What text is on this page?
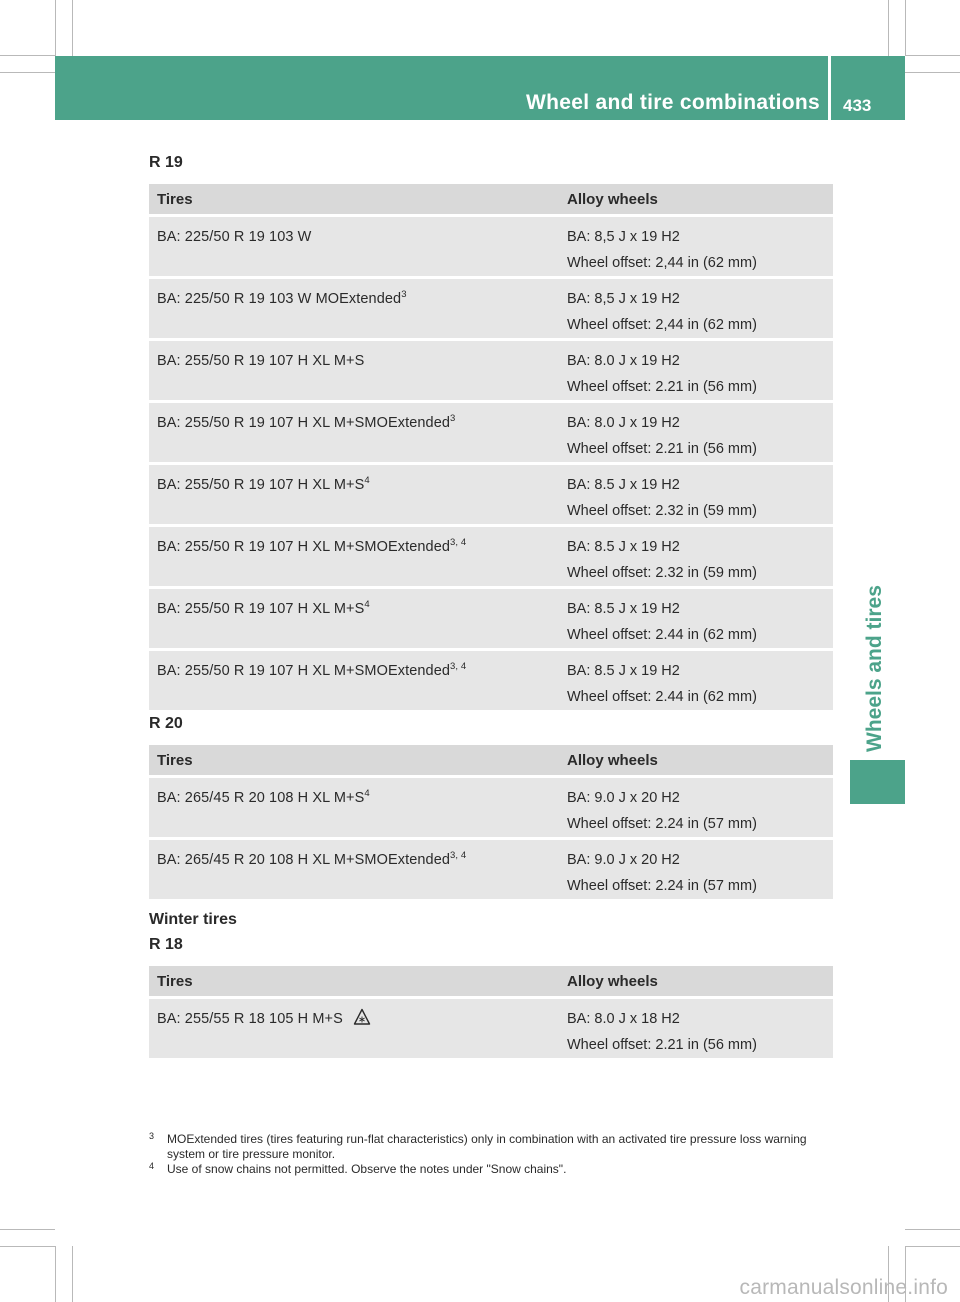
Wheel and tire combinations 433
Wheels and tires
R 19
Tires	Alloy wheels
BA: 225/50 R 19 103 W	BA: 8,5 J x 19 H2
Wheel offset: 2,44 in (62 mm)

BA: 225/50 R 19 103 W MOExtended$^3$	BA: 8,5 J x 19 H2
Wheel offset: 2,44 in (62 mm)

BA: 255/50 R 19 107 H XL M+S	BA: 8.0 J x 19 H2
Wheel offset: 2.21 in (56 mm)

BA: 255/50 R 19 107 H XL M+SMOExtended$^3$	BA: 8.0 J x 19 H2
Wheel offset: 2.21 in (56 mm)

BA: 255/50 R 19 107 H XL $M+S^4$	BA: 8.5 J x 19 H2
Wheel offset: 2.32 in (59 mm)

BA: 255/50 R 19 107 H XL M+SMOExtended$^{3, 4}$	BA: 8.5 J x 19 H2
Wheel offset: 2.32 in (59 mm)

BA: 255/50 R 19 107 H XL $M+S^4$	BA: 8.5 J x 19 H2
Wheel offset: 2.44 in (62 mm)

BA: 255/50 R 19 107 H XL M+SMOExtended$^{3, 4}$	BA: 8.5 J x 19 H2
Wheel offset: 2.44 in (62 mm)
R 20
Tires	Alloy wheels
BA: 265/45 R 20 108 H XL $M+S^4$	BA: 9.0 J x 20 H2
Wheel offset: 2.24 in (57 mm)

BA: 265/45 R 20 108 H XL M+SMOExtended$^{3, 4}$	BA: 9.0 J x 20 H2
Wheel offset: 2.24 in (57 mm)
Winter tires
R 18
Tires	Alloy wheels
BA: 255/55 R 18 105 H M+S	BA: 8.0 J x 18 H2
Wheel offset: 2.21 in (56 mm)
3 MOExtended tires (tires featuring run-flat characteristics) only in combination with an activated tire pressure loss warning system or tire pressure monitor.
4 Use of snow chains not permitted. Observe the notes under "Snow chains".
carmanualsonline.info
